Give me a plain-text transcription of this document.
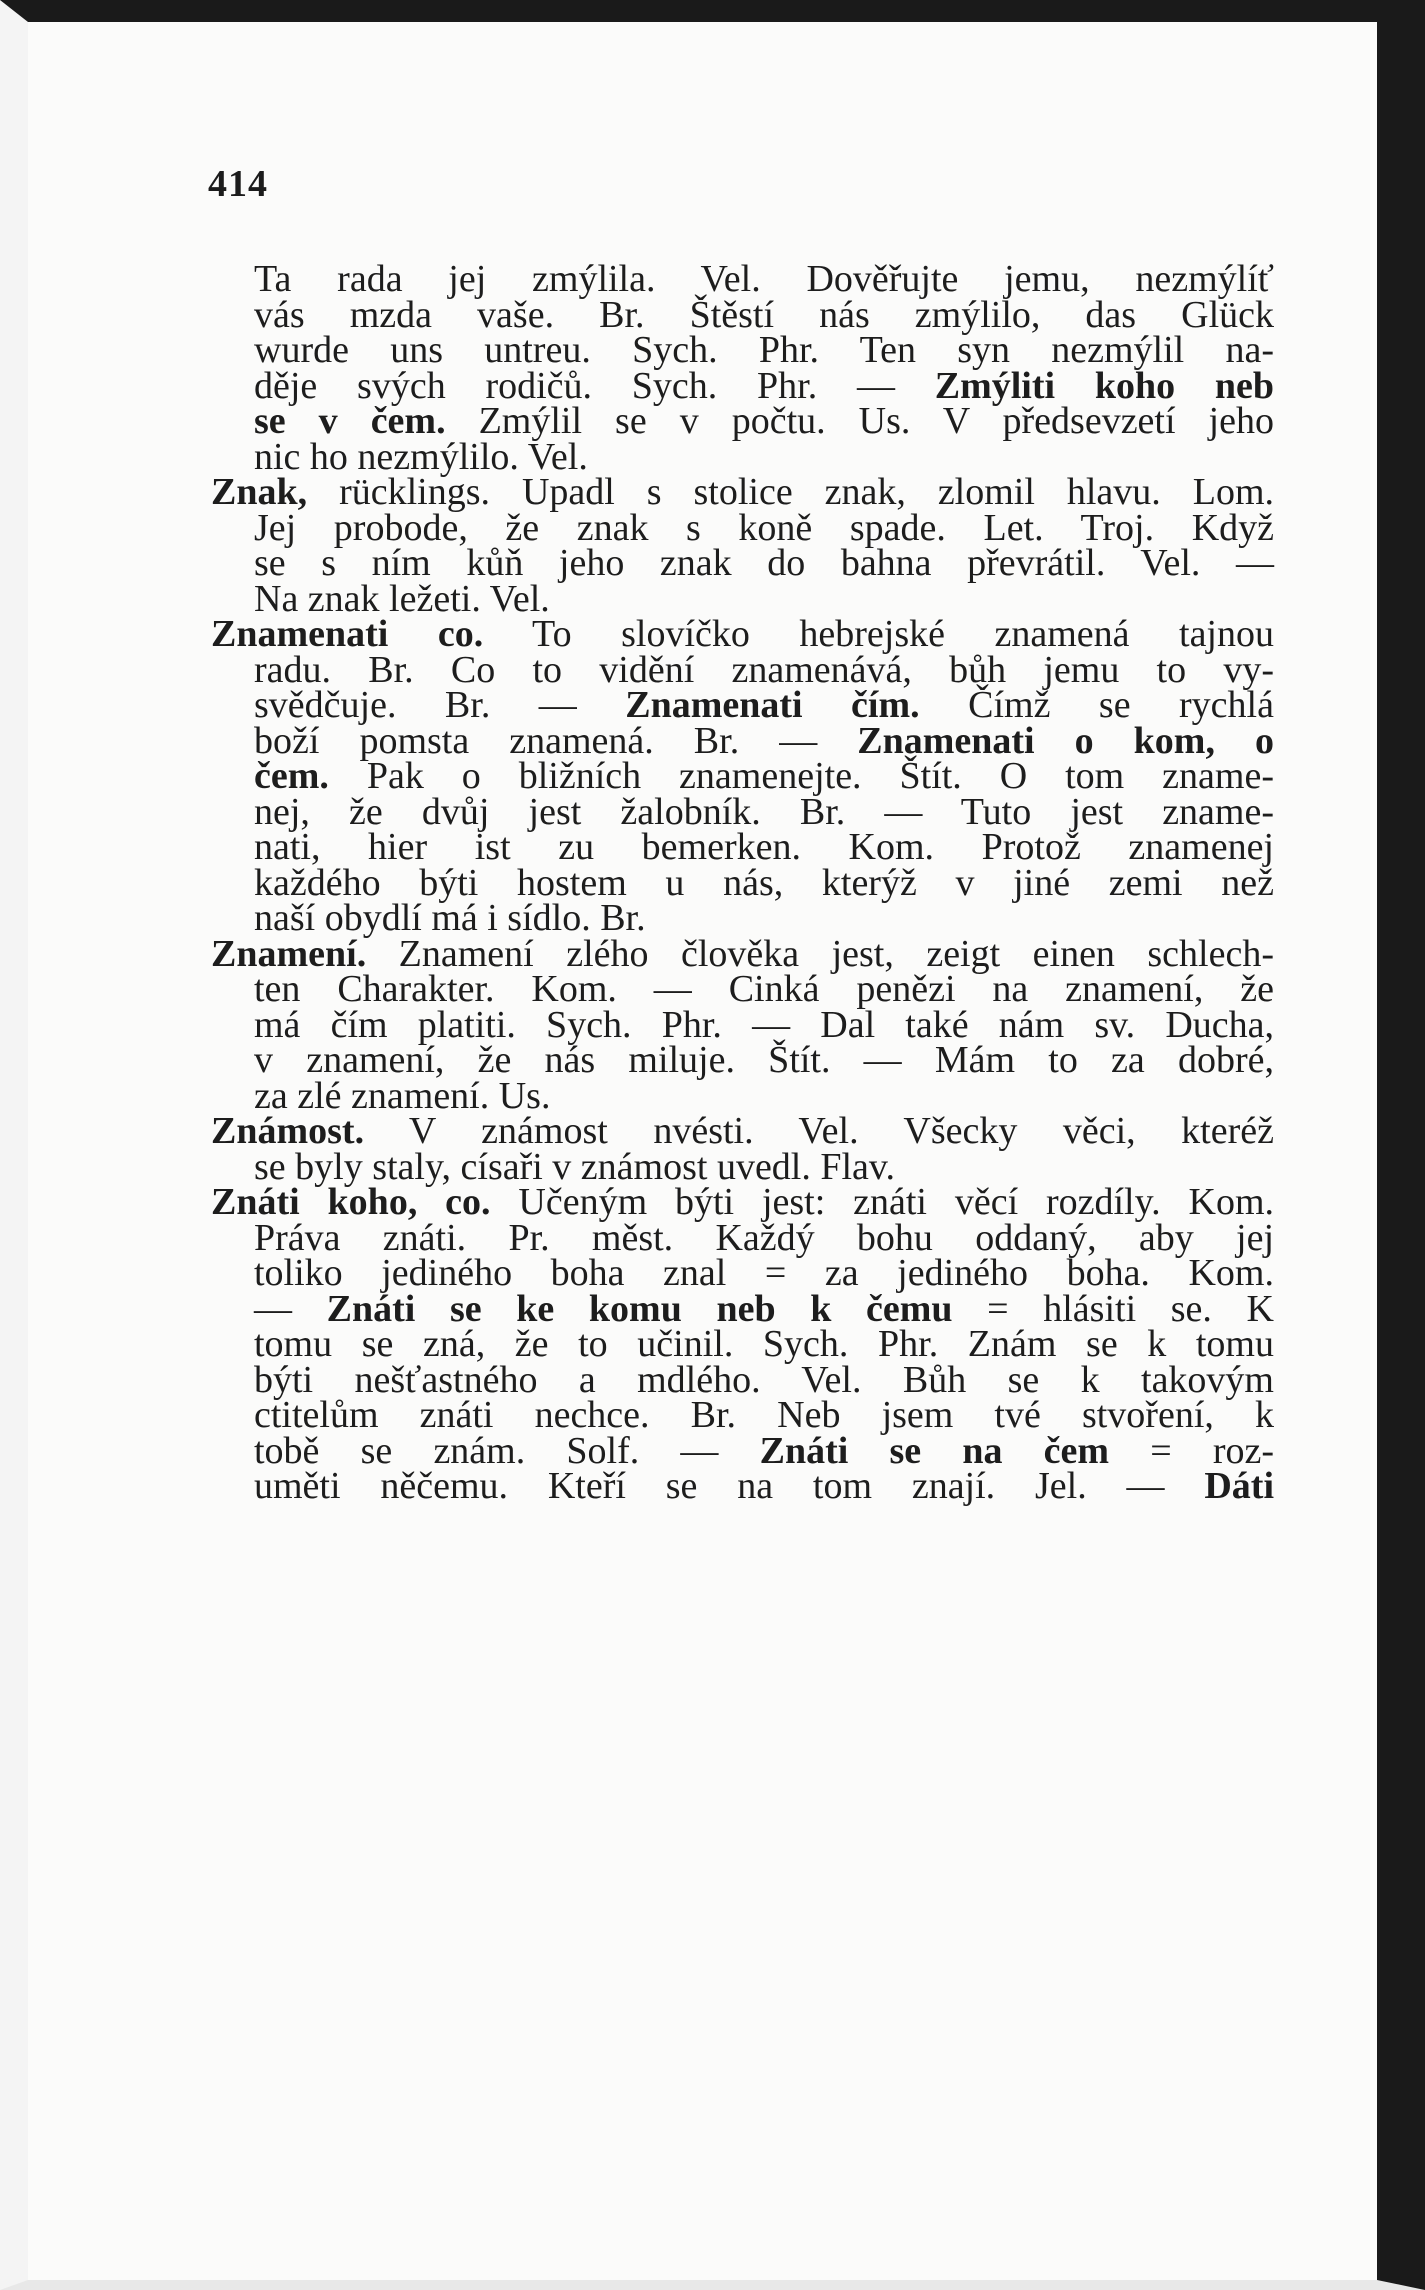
414
Ta rada jej zmýlila. Vel. Dověřujte jemu, nezmýlíť
vás mzda vaše. Br. Štěstí nás zmýlilo, das Glück
wurde uns untreu. Sych. Phr. Ten syn nezmýlil na-
děje svých rodičů. Sych. Phr. — Zmýliti koho neb
se v čem. Zmýlil se v počtu. Us. V předsevzetí jeho
nic ho nezmýlilo. Vel.
Znak, rücklings. Upadl s stolice znak, zlomil hlavu. Lom.
Jej probode, že znak s koně spade. Let. Troj. Když
se s ním kůň jeho znak do bahna převrátil. Vel. —
Na znak ležeti. Vel.
Znamenati co. To slovíčko hebrejské znamená tajnou
radu. Br. Co to vidění znamenává, bůh jemu to vy-
svědčuje. Br. — Znamenati čím. Čímž se rychlá
boží pomsta znamená. Br. — Znamenati o kom, o
čem. Pak o bližních znamenejte. Štít. O tom zname-
nej, že dvůj jest žalobník. Br. — Tuto jest zname-
nati, hier ist zu bemerken. Kom. Protož znamenej
každého býti hostem u nás, kterýž v jiné zemi než
naší obydlí má i sídlo. Br.
Znamení. Znamení zlého člověka jest, zeigt einen schlech-
ten Charakter. Kom. — Cinká penězi na znamení, že
má čím platiti. Sych. Phr. — Dal také nám sv. Ducha,
v znamení, že nás miluje. Štít. — Mám to za dobré,
za zlé znamení. Us.
Známost. V známost nvésti. Vel. Všecky věci, kteréž
se byly staly, císaři v známost uvedl. Flav.
Znáti koho, co. Učeným býti jest: znáti věcí rozdíly. Kom.
Práva znáti. Pr. měst. Každý bohu oddaný, aby jej
toliko jediného boha znal = za jediného boha. Kom.
— Znáti se ke komu neb k čemu = hlásiti se. K
tomu se zná, že to učinil. Sych. Phr. Znám se k tomu
býti nešťastného a mdlého. Vel. Bůh se k takovým
ctitelům znáti nechce. Br. Neb jsem tvé stvoření, k
tobě se znám. Solf. — Znáti se na čem = roz-
uměti něčemu. Kteří se na tom znají. Jel. — Dáti
